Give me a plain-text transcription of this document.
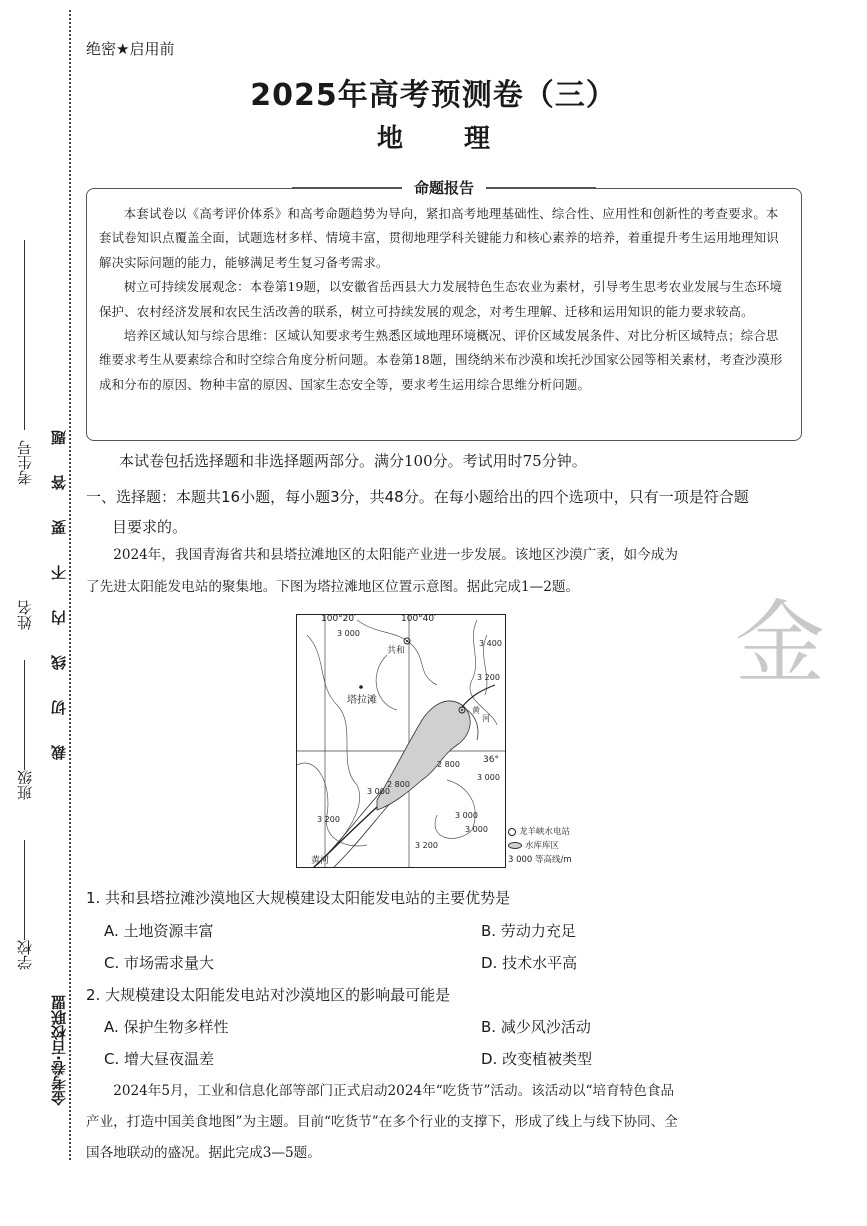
考生号
姓名
班级
学校
裁切线内不要答题
金考卷·百校联盟
绝密★启用前
2025年高考预测卷（三）
地 理
命题报告

本套试卷以《高考评价体系》和高考命题趋势为导向，紧扣高考地理基础性、综合性、应用性和创新性的考查要求。本套试卷知识点覆盖全面，试题选材多样、情境丰富，贯彻地理学科关键能力和核心素养的培养，着重提升考生运用地理知识解决实际问题的能力，能够满足考生复习备考需求。

树立可持续发展观念：本卷第19题，以安徽省岳西县大力发展特色生态农业为素材，引导考生思考农业发展与生态环境保护、农村经济发展和农民生活改善的联系，树立可持续发展的观念，对考生理解、迁移和运用知识的能力要求较高。

培养区域认知与综合思维：区域认知要求考生熟悉区域地理环境概况、评价区域发展条件、对比分析区域特点；综合思维要求考生从要素综合和时空综合角度分析问题。本卷第18题，围绕纳米布沙漠和埃托沙国家公园等相关素材，考查沙漠形成和分布的原因、物种丰富的原因、国家生态安全等，要求考生运用综合思维分析问题。

本试卷包括选择题和非选择题两部分。满分100分。考试用时75分钟。
一、选择题：本题共16小题，每小题3分，共48分。在每小题给出的四个选项中，只有一项是符合题
目要求的。
2024年，我国青海省共和县塔拉滩地区的太阳能产业进一步发展。该地区沙漠广袤，如今成为
了先进太阳能发电站的聚集地。下图为塔拉滩地区位置示意图。据此完成1—2题。
金
100°20′	100°40′
36°
共和
塔拉滩
3 000
3 400
3 200
黄
河
2 800
3 000
3 000
2 800
3 000
3 000
3 200
3 200
黄河
龙羊峡水电站
水库库区
3 000 等高线/m
1. 共和县塔拉滩沙漠地区大规模建设太阳能发电站的主要优势是
A. 土地资源丰富	B. 劳动力充足
C. 市场需求量大	D. 技术水平高
2. 大规模建设太阳能发电站对沙漠地区的影响最可能是
A. 保护生物多样性	B. 减少风沙活动
C. 增大昼夜温差	D. 改变植被类型
2024年5月，工业和信息化部等部门正式启动2024年“吃货节”活动。该活动以“培育特色食品
产业，打造中国美食地图”为主题。目前“吃货节”在多个行业的支撑下，形成了线上与线下协同、全
国各地联动的盛况。据此完成3—5题。
